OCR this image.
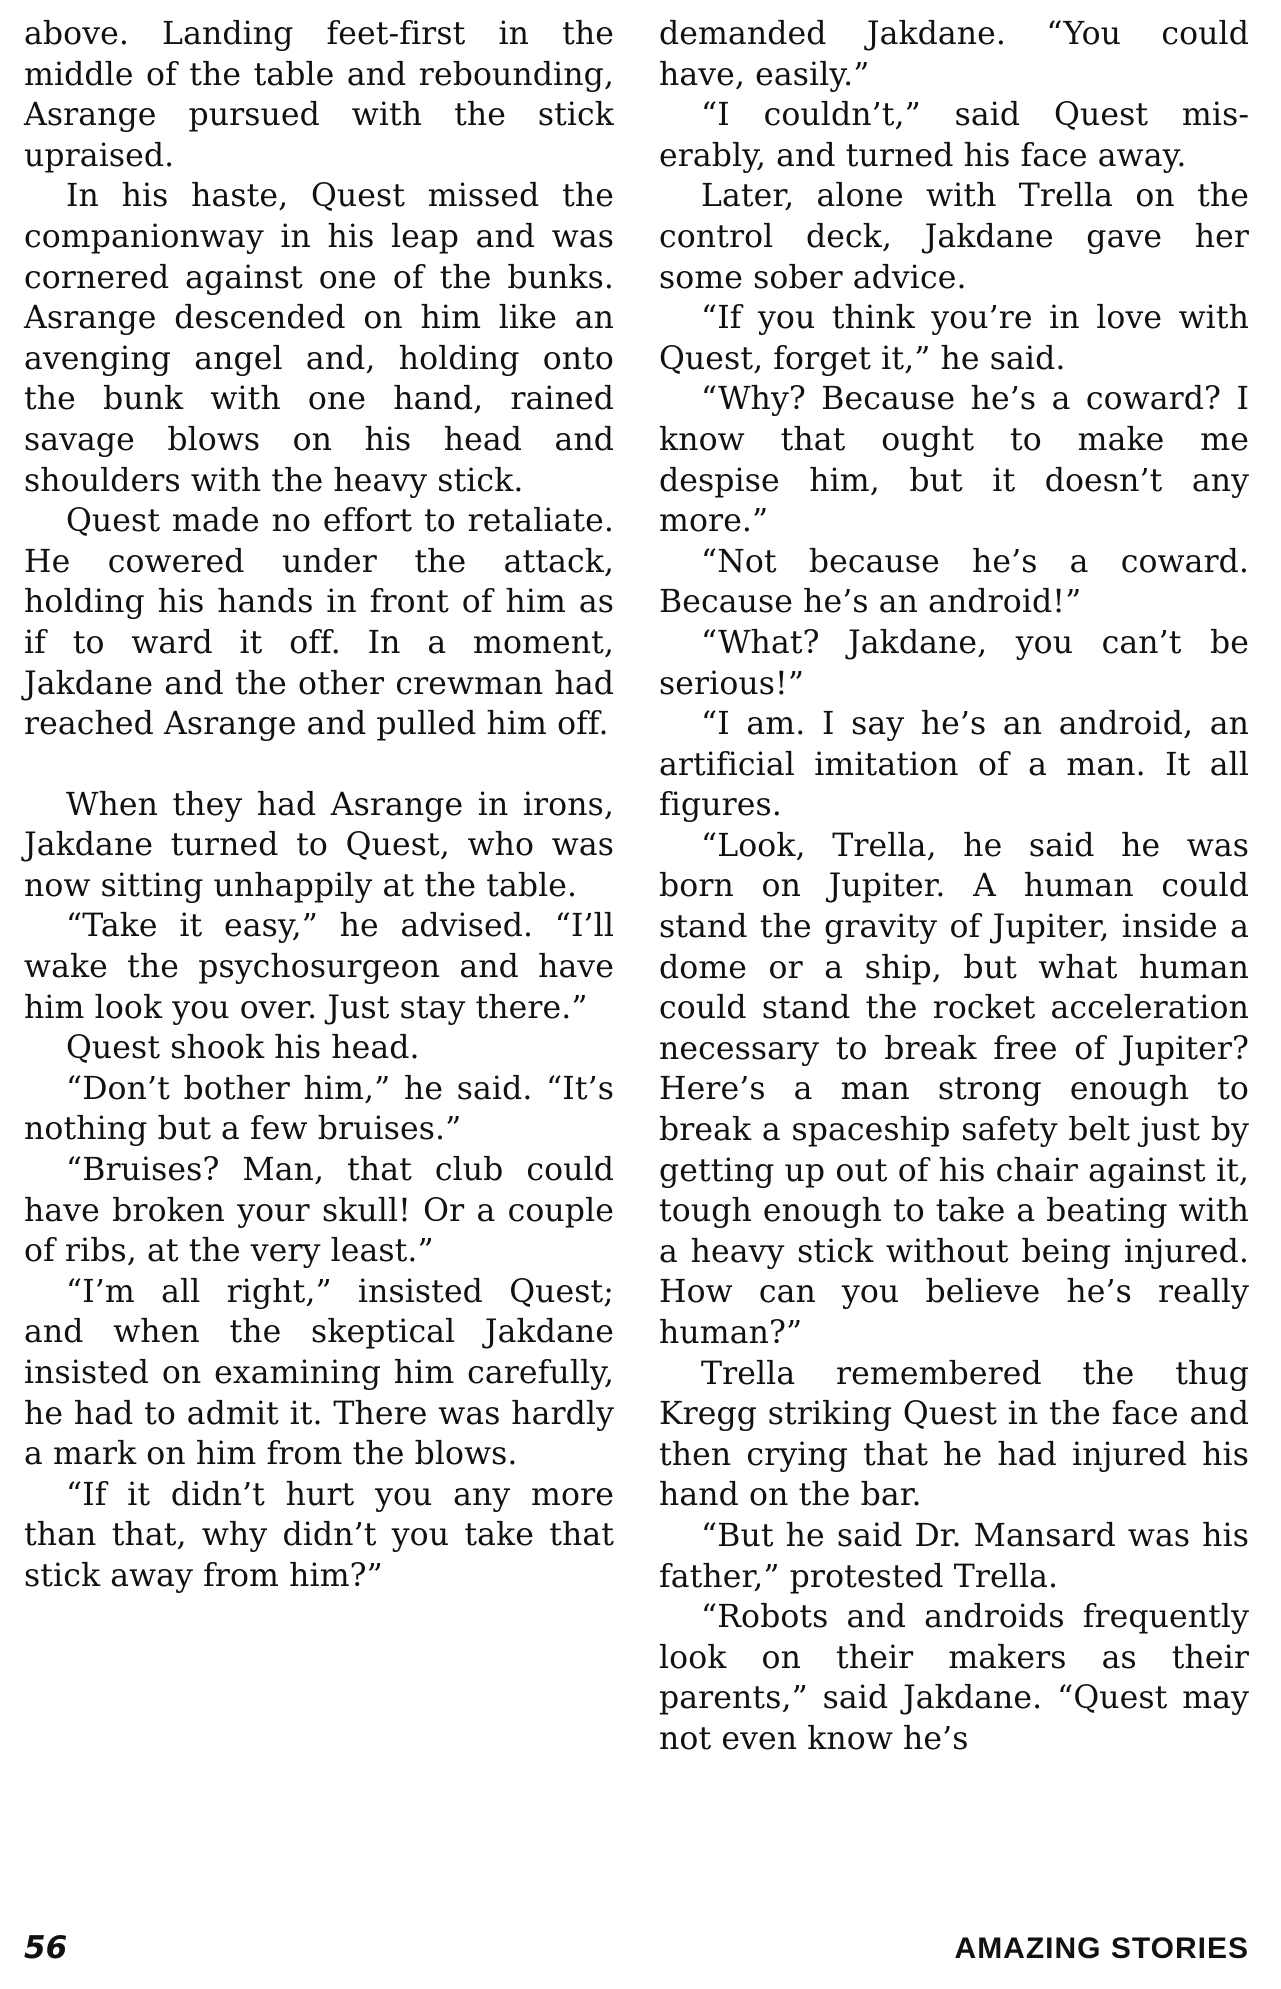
above. Landing feet-first in the middle of the table and rebounding, Asrange pursued with the stick upraised.

In his haste, Quest missed the companionway in his leap and was cornered against one of the bunks. Asrange descended on him like an avenging angel and, holding onto the bunk with one hand, rained savage blows on his head and shoulders with the heavy stick.

Quest made no effort to retaliate. He cowered under the attack, holding his hands in front of him as if to ward it off. In a moment, Jakdane and the other crewman had reached Asrange and pulled him off.

When they had Asrange in irons, Jakdane turned to Quest, who was now sitting unhappily at the table.

“Take it easy,” he advised. “I’ll wake the psychosurgeon and have him look you over. Just stay there.”

Quest shook his head.

“Don’t bother him,” he said. “It’s nothing but a few bruises.”

“Bruises? Man, that club could have broken your skull! Or a couple of ribs, at the very least.”

“I’m all right,” insisted Quest; and when the skeptical Jakdane insisted on examining him carefully, he had to admit it. There was hardly a mark on him from the blows.

“If it didn’t hurt you any more than that, why didn’t you take that stick away from him?”

demanded Jakdane. “You could have, easily.”

“I couldn’t,” said Quest miserably, and turned his face away.

Later, alone with Trella on the control deck, Jakdane gave her some sober advice.

“If you think you’re in love with Quest, forget it,” he said.

“Why? Because he’s a coward? I know that ought to make me despise him, but it doesn’t any more.”

“Not because he’s a coward. Because he’s an android!”

“What? Jakdane, you can’t be serious!”

“I am. I say he’s an android, an artificial imitation of a man. It all figures.

“Look, Trella, he said he was born on Jupiter. A human could stand the gravity of Jupiter, inside a dome or a ship, but what human could stand the rocket acceleration necessary to break free of Jupiter? Here’s a man strong enough to break a spaceship safety belt just by getting up out of his chair against it, tough enough to take a beating with a heavy stick without being injured. How can you believe he’s really human?”

Trella remembered the thug Kregg striking Quest in the face and then crying that he had injured his hand on the bar.

“But he said Dr. Mansard was his father,” protested Trella.

“Robots and androids frequently look on their makers as their parents,” said Jakdane. “Quest may not even know he’s

56	AMAZING STORIES
